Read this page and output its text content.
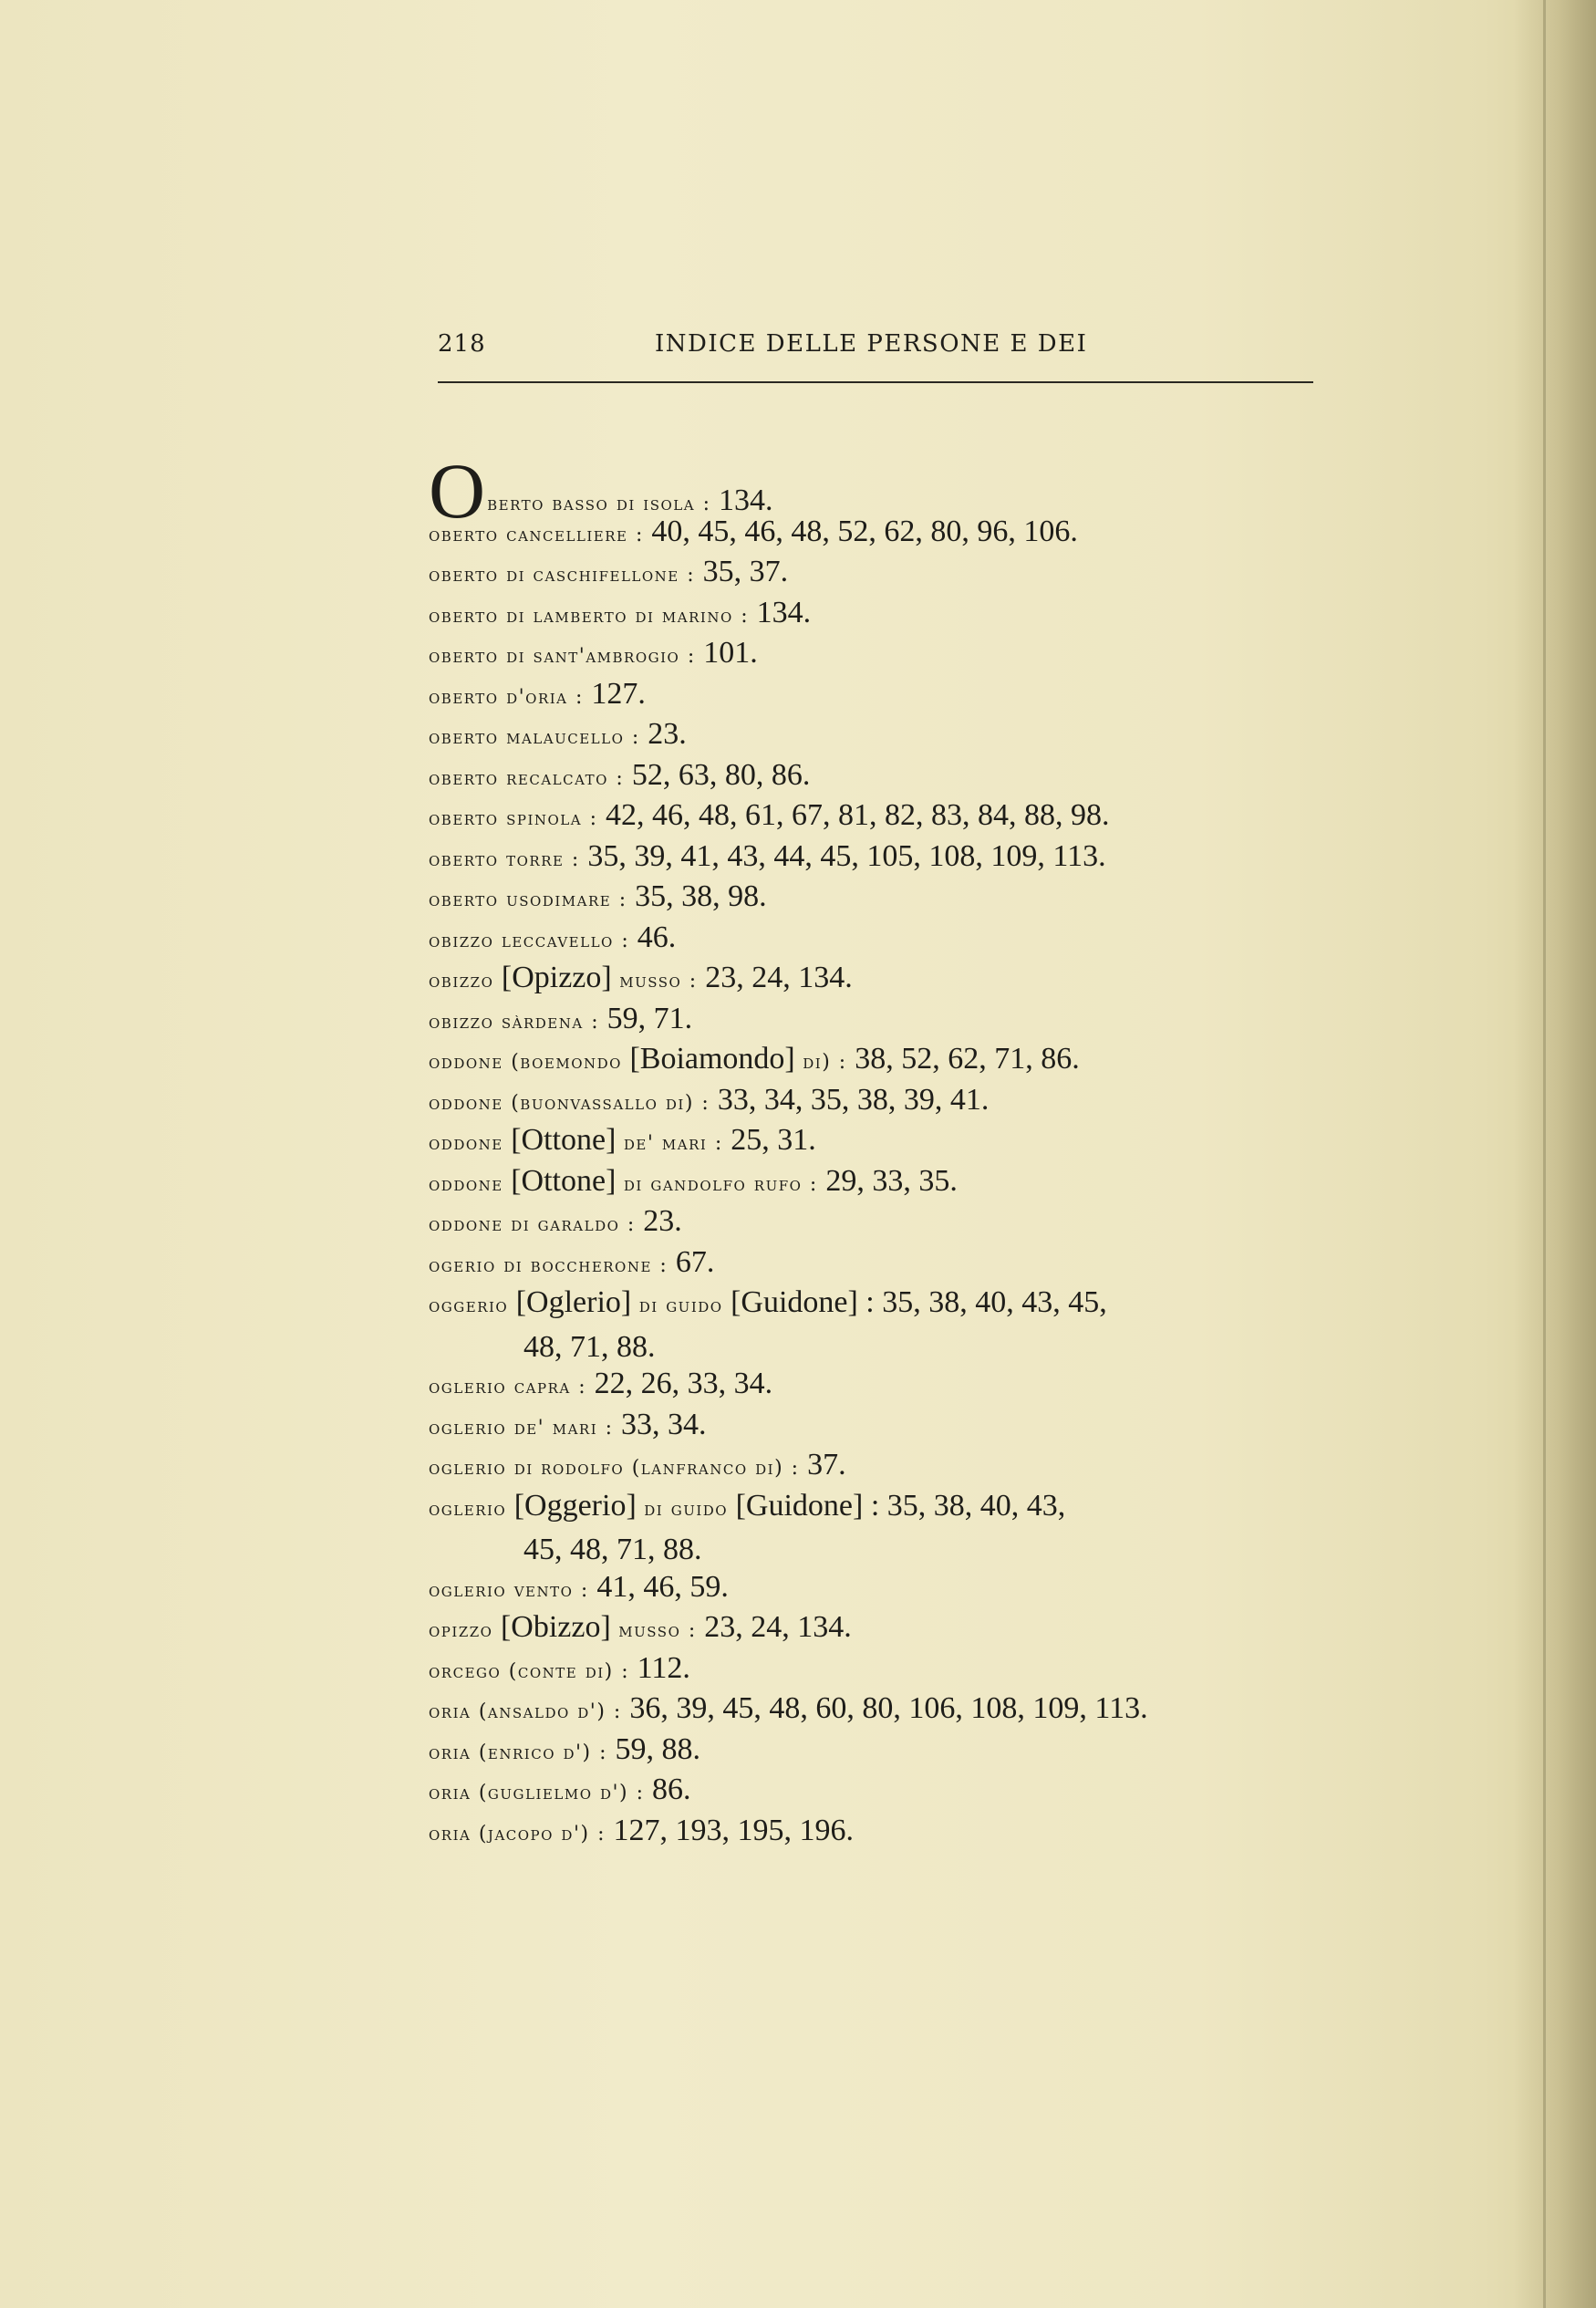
218	INDICE DELLE PERSONE E DEI
Oberto basso di isola : 134.
oberto cancelliere : 40, 45, 46, 48, 52, 62, 80, 96, 106.
oberto di caschifellone : 35, 37.
oberto di lamberto di marino : 134.
oberto di sant'ambrogio : 101.
oberto d'oria : 127.
oberto malaucello : 23.
oberto recalcato : 52, 63, 80, 86.
oberto spinola : 42, 46, 48, 61, 67, 81, 82, 83, 84, 88, 98.
oberto torre : 35, 39, 41, 43, 44, 45, 105, 108, 109, 113.
oberto usodimare : 35, 38, 98.
obizzo leccavello : 46.
obizzo [Opizzo] musso : 23, 24, 134.
obizzo sàrdena : 59, 71.
oddone (boemondo [Boiamondo] di) : 38, 52, 62, 71, 86.
oddone (buonvassallo di) : 33, 34, 35, 38, 39, 41.
oddone [Ottone] de' mari : 25, 31.
oddone [Ottone] di gandolfo rufo : 29, 33, 35.
oddone di garaldo : 23.
ogerio di boccherone : 67.
oggerio [Oglerio] di guido [Guidone] : 35, 38, 40, 43, 45,
48, 71, 88.
oglerio capra : 22, 26, 33, 34.
oglerio de' mari : 33, 34.
oglerio di rodolfo (lanfranco di) : 37.
oglerio [Oggerio] di guido [Guidone] : 35, 38, 40, 43,
45, 48, 71, 88.
oglerio vento : 41, 46, 59.
opizzo [Obizzo] musso : 23, 24, 134.
orcego (conte di) : 112.
oria (ansaldo d') : 36, 39, 45, 48, 60, 80, 106, 108, 109, 113.
oria (enrico d') : 59, 88.
oria (guglielmo d') : 86.
oria (jacopo d') : 127, 193, 195, 196.
